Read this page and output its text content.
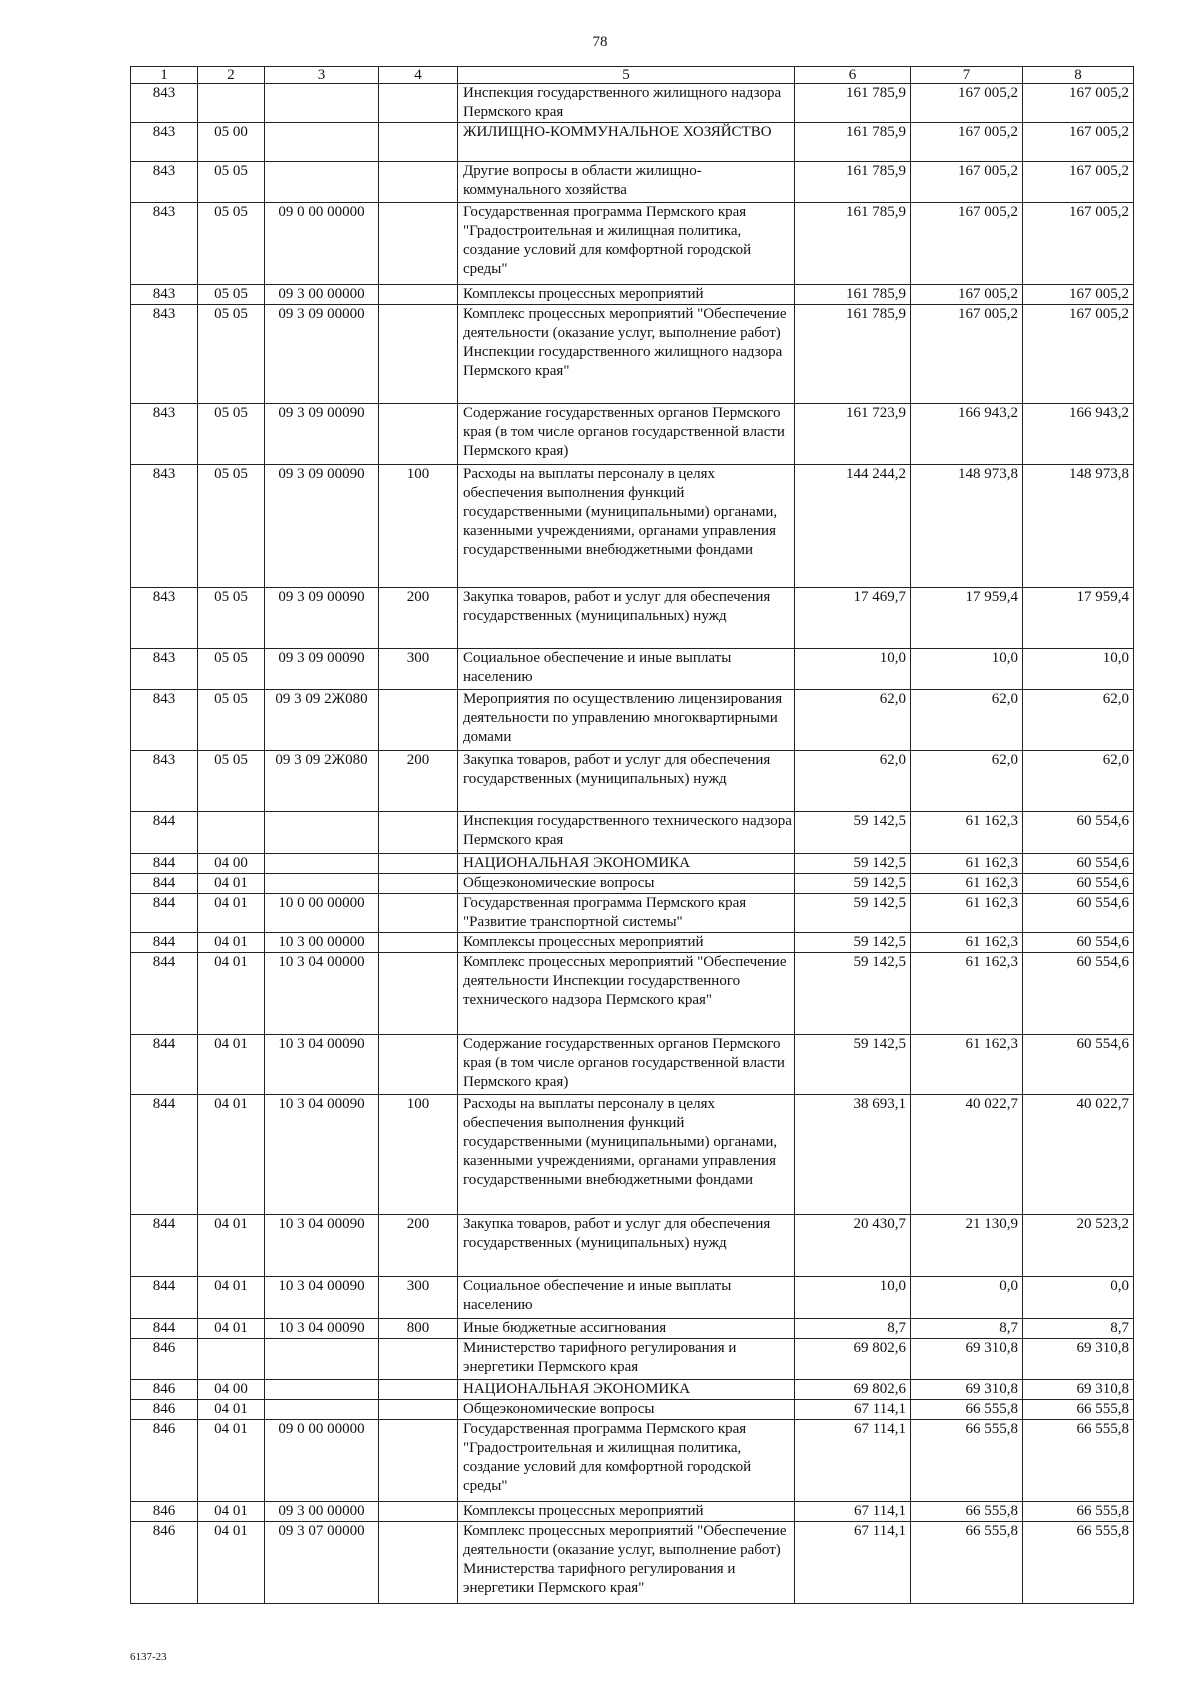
78
1	2	3	4	5	6	7	8
843				Инспекция государственного жилищного надзора Пермского края	161 785,9	167 005,2	167 005,2
843	05 00			ЖИЛИЩНО-КОММУНАЛЬНОЕ ХОЗЯЙСТВО	161 785,9	167 005,2	167 005,2
843	05 05			Другие вопросы в области жилищно-коммунального хозяйства	161 785,9	167 005,2	167 005,2
843	05 05	09 0 00 00000		Государственная программа Пермского края "Градостроительная и жилищная политика, создание условий для комфортной городской среды"	161 785,9	167 005,2	167 005,2
843	05 05	09 3 00 00000		Комплексы процессных мероприятий	161 785,9	167 005,2	167 005,2
843	05 05	09 3 09 00000		Комплекс процессных мероприятий "Обеспечение деятельности (оказание услуг, выполнение работ) Инспекции государственного жилищного надзора Пермского края"	161 785,9	167 005,2	167 005,2
843	05 05	09 3 09 00090		Содержание государственных органов Пермского края (в том числе органов государственной власти Пермского края)	161 723,9	166 943,2	166 943,2
843	05 05	09 3 09 00090	100	Расходы на выплаты персоналу в целях обеспечения выполнения функций государственными (муниципальными) органами, казенными учреждениями, органами управления государственными внебюджетными фондами	144 244,2	148 973,8	148 973,8
843	05 05	09 3 09 00090	200	Закупка товаров, работ и услуг для обеспечения государственных (муниципальных) нужд	17 469,7	17 959,4	17 959,4
843	05 05	09 3 09 00090	300	Социальное обеспечение и иные выплаты населению	10,0	10,0	10,0
843	05 05	09 3 09 2Ж080		Мероприятия по осуществлению лицензирования деятельности по управлению многоквартирными домами	62,0	62,0	62,0
843	05 05	09 3 09 2Ж080	200	Закупка товаров, работ и услуг для обеспечения государственных (муниципальных) нужд	62,0	62,0	62,0
844				Инспекция государственного технического надзора Пермского края	59 142,5	61 162,3	60 554,6
844	04 00			НАЦИОНАЛЬНАЯ ЭКОНОМИКА	59 142,5	61 162,3	60 554,6
844	04 01			Общеэкономические вопросы	59 142,5	61 162,3	60 554,6
844	04 01	10 0 00 00000		Государственная программа Пермского края "Развитие транспортной системы"	59 142,5	61 162,3	60 554,6
844	04 01	10 3 00 00000		Комплексы процессных мероприятий	59 142,5	61 162,3	60 554,6
844	04 01	10 3 04 00000		Комплекс процессных мероприятий "Обеспечение деятельности Инспекции государственного технического надзора Пермского края"	59 142,5	61 162,3	60 554,6
844	04 01	10 3 04 00090		Содержание государственных органов Пермского края (в том числе органов государственной власти Пермского края)	59 142,5	61 162,3	60 554,6
844	04 01	10 3 04 00090	100	Расходы на выплаты персоналу в целях обеспечения выполнения функций государственными (муниципальными) органами, казенными учреждениями, органами управления государственными внебюджетными фондами	38 693,1	40 022,7	40 022,7
844	04 01	10 3 04 00090	200	Закупка товаров, работ и услуг для обеспечения государственных (муниципальных) нужд	20 430,7	21 130,9	20 523,2
844	04 01	10 3 04 00090	300	Социальное обеспечение и иные выплаты населению	10,0	0,0	0,0
844	04 01	10 3 04 00090	800	Иные бюджетные ассигнования	8,7	8,7	8,7
846				Министерство тарифного регулирования и энергетики Пермского края	69 802,6	69 310,8	69 310,8
846	04 00			НАЦИОНАЛЬНАЯ ЭКОНОМИКА	69 802,6	69 310,8	69 310,8
846	04 01			Общеэкономические вопросы	67 114,1	66 555,8	66 555,8
846	04 01	09 0 00 00000		Государственная программа Пермского края "Градостроительная и жилищная политика, создание условий для комфортной городской среды"	67 114,1	66 555,8	66 555,8
846	04 01	09 3 00 00000		Комплексы процессных мероприятий	67 114,1	66 555,8	66 555,8
846	04 01	09 3 07 00000		Комплекс процессных мероприятий "Обеспечение деятельности (оказание услуг, выполнение работ) Министерства тарифного регулирования и энергетики Пермского края"	67 114,1	66 555,8	66 555,8
6137-23
